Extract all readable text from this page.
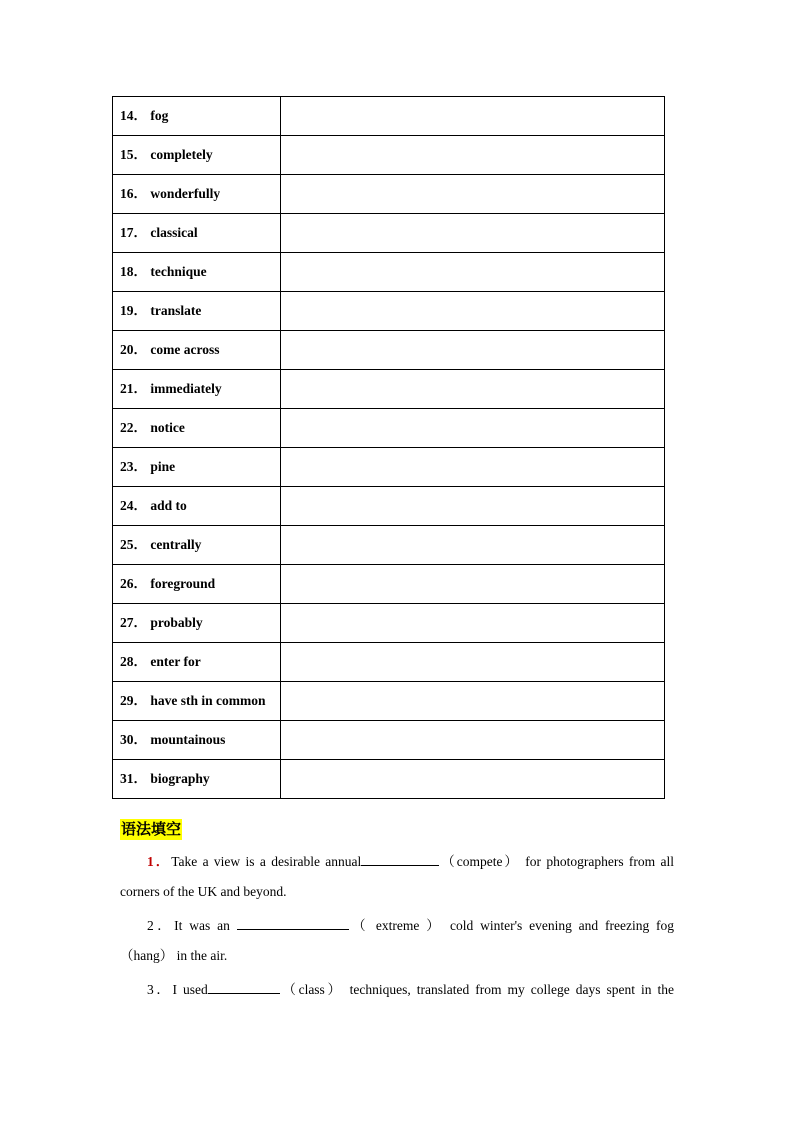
14． fog	

15． completely	

16． wonderfully	

17． classical	

18． technique	

19． translate	

20． come across	

21． immediately	

22． notice	

23． pine	

24． add to	

25． centrally	

26． foreground	

27． probably	

28． enter for	

29． have sth in common	

30． mountainous	

31． biography	

语法填空
1．Take a view is a desirable annual	（compete） for photographers from all
corners of the UK and beyond.
2．It was an	（ extreme ） cold winter's evening and freezing fog
（hang） in the air.
3．I used	（class） techniques, translated from my college days spent in the
